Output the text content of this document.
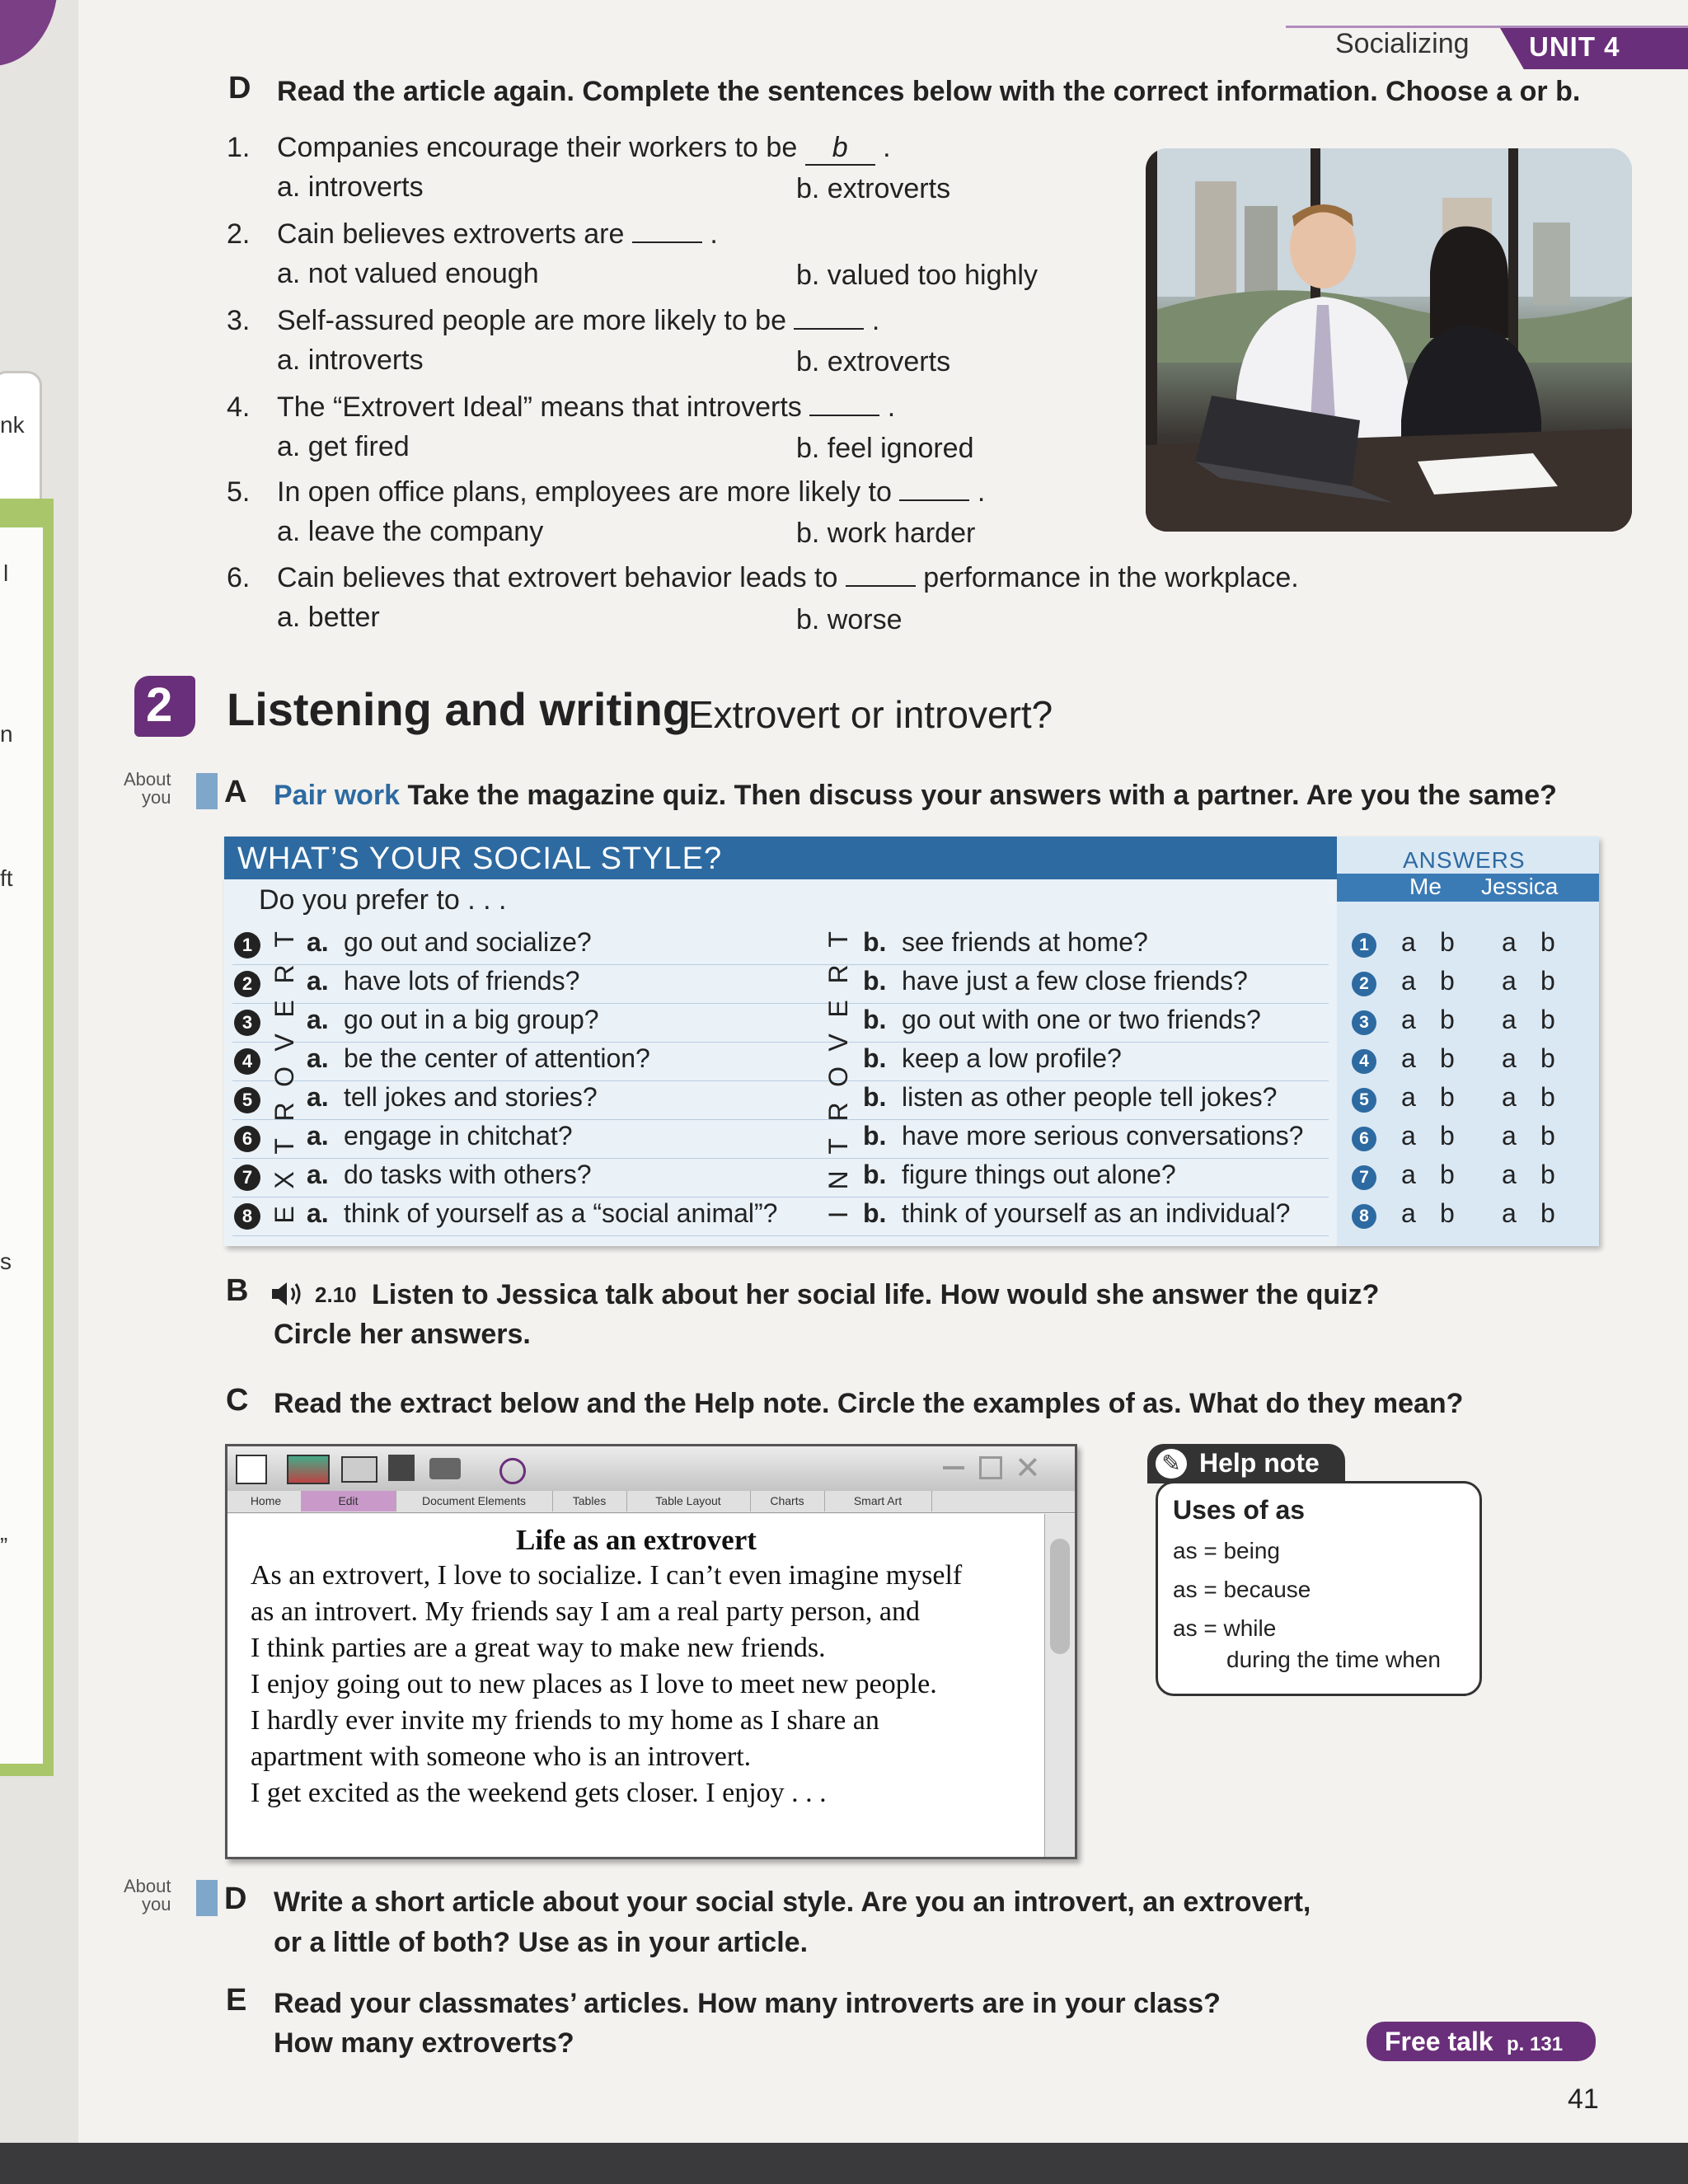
nk
l
n
ft
s
”
Socializing UNIT 4
D Read the article again. Complete the sentences below with the correct information. Choose a or b.
1. Companies encourage their workers to be b .
a. introverts	b. extroverts
2. Cain believes extroverts are	.
a. not valued enough	b. valued too highly
3. Self-assured people are more likely to be	.
a. introverts	b. extroverts
4. The “Extrovert Ideal” means that introverts	.
a. get fired	b. feel ignored
5. In open office plans, employees are more likely to	.
a. leave the company	b. work harder
6. Cain believes that extrovert behavior leads to	performance in the workplace.
a. better	b. worse
2 Listening and writing
Extrovert or introvert?
About
you A Pair work Take the magazine quiz. Then discuss your answers with a partner. Are you the same?
WHAT’S YOUR SOCIAL STYLE?	ANSWERS
Me Jessica
Do you prefer to . . .
1	a. go out and socialize?	b. see friends at home?	1 a b a b
2	a. have lots of friends?	b. have just a few close friends?	2 a b a b
3	a. go out in a big group?	b. go out with one or two friends?	3 a b a b
4	a. be the center of attention?	b. keep a low profile?	4 a b a b
5	a. tell jokes and stories?	b. listen as other people tell jokes?	5 a b a b
6	a. engage in chitchat?	b. have more serious conversations?	6 a b a b
7	a. do tasks with others?	b. figure things out alone?	7 a b a b
8	a. think of yourself as a “social animal”?	b. think of yourself as an individual?	8 a b a b
E
X
T
R
O
V
E
R
T
I
N
T
R
O
V
E
R
T
B	2.10 Listen to Jessica talk about her social life. How would she answer the quiz?
Circle her answers.
C Read the extract below and the Help note. Circle the examples of as. What do they mean?
✕
Home	Edit	Document Elements	Tables	Table Layout	Charts	Smart Art
Life as an extrovert
As an extrovert, I love to socialize. I can’t even imagine myself
as an introvert. My friends say I am a real party person, and
I think parties are a great way to make new friends.
I enjoy going out to new places as I love to meet new people.
I hardly ever invite my friends to my home as I share an
apartment with someone who is an introvert.
I get excited as the weekend gets closer. I enjoy . . .
✎ Help note
Uses of as
as = being
as = because
as = while
during the time when
About
you D Write a short article about your social style. Are you an introvert, an extrovert,
or a little of both? Use as in your article.
E Read your classmates’ articles. How many introverts are in your class?
How many extroverts?	Free talk p. 131
41
